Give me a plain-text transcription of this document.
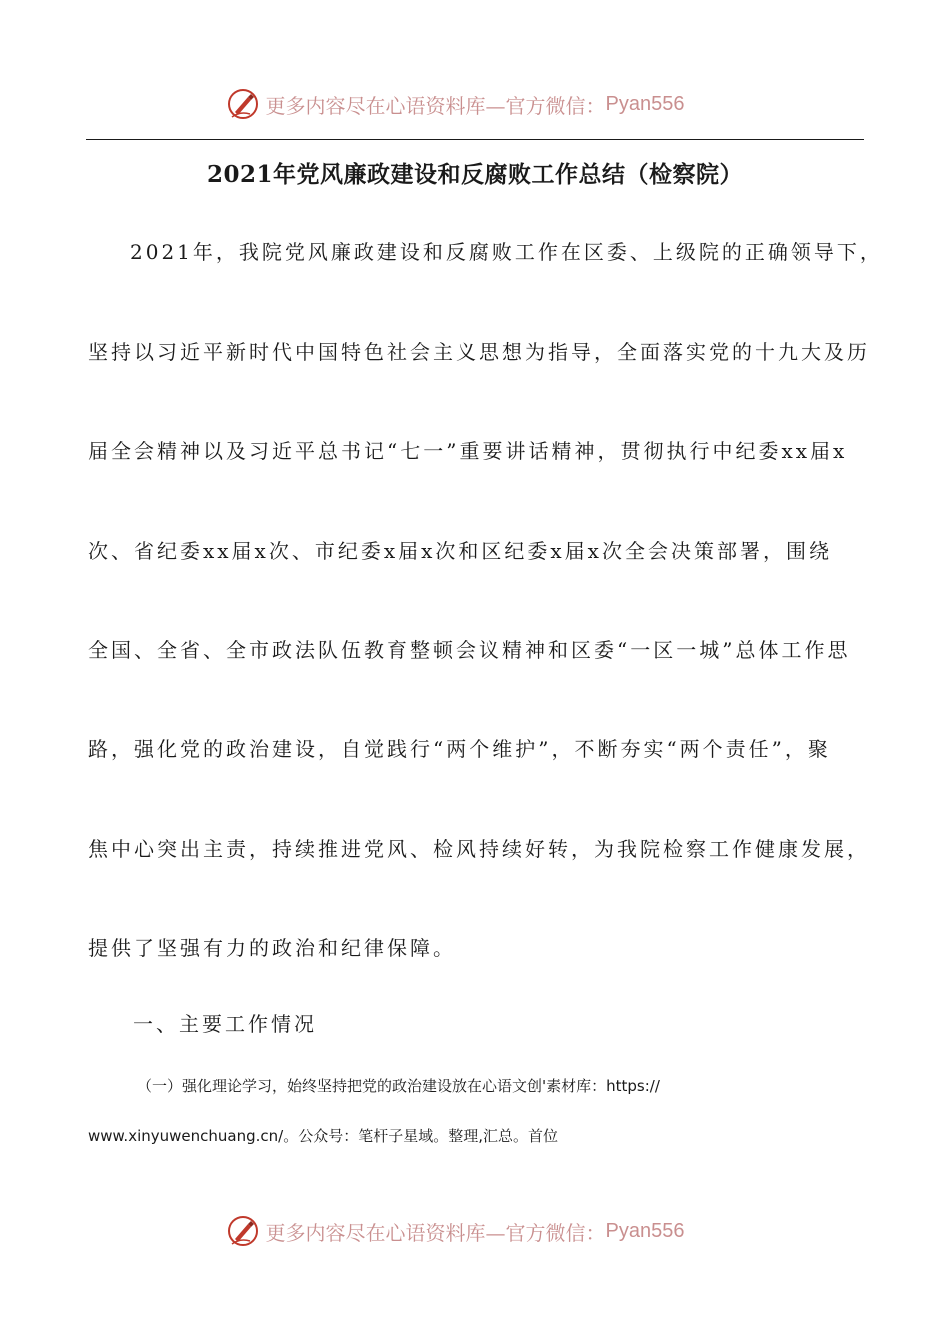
更多内容尽在心语资料库—官方微信： Pyan556
2021年党风廉政建设和反腐败工作总结（检察院）
2021年，我院党风廉政建设和反腐败工作在区委、上级院的正确领导下，
坚持以习近平新时代中国特色社会主义思想为指导，全面落实党的十九大及历
届全会精神以及习近平总书记“七一”重要讲话精神，贯彻执行中纪委xx届x
次、省纪委xx届x次、市纪委x届x次和区纪委x届x次全会决策部署，围绕
全国、全省、全市政法队伍教育整顿会议精神和区委“一区一城”总体工作思
路，强化党的政治建设，自觉践行“两个维护”，不断夯实“两个责任”，聚
焦中心突出主责，持续推进党风、检风持续好转，为我院检察工作健康发展，
提供了坚强有力的政治和纪律保障。
一、主要工作情况
（一）强化理论学习，始终坚持把党的政治建设放在心语文创'素材库：https://
www.xinyuwenchuang.cn/。公众号：笔杆子星域。整理,汇总。首位
更多内容尽在心语资料库—官方微信： Pyan556
